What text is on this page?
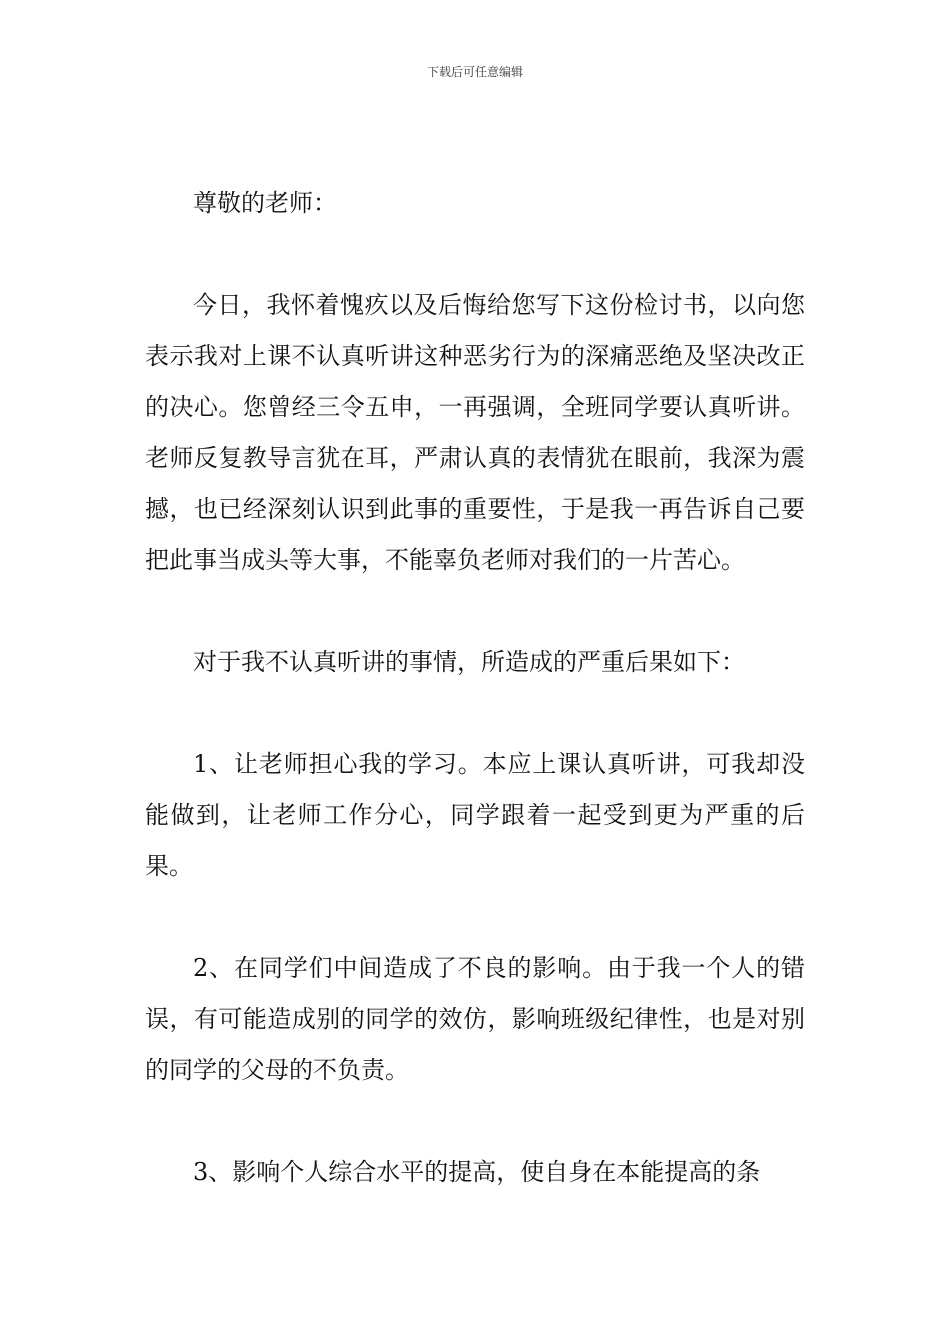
下载后可任意编辑

尊敬的老师：

今日，我怀着愧疚以及后悔给您写下这份检讨书，以向您表示我对上课不认真听讲这种恶劣行为的深痛恶绝及坚决改正的决心。您曾经三令五申，一再强调，全班同学要认真听讲。老师反复教导言犹在耳，严肃认真的表情犹在眼前，我深为震撼，也已经深刻认识到此事的重要性，于是我一再告诉自己要把此事当成头等大事，不能辜负老师对我们的一片苦心。

对于我不认真听讲的事情，所造成的严重后果如下：

1、让老师担心我的学习。本应上课认真听讲，可我却没能做到，让老师工作分心，同学跟着一起受到更为严重的后果。

2、在同学们中间造成了不良的影响。由于我一个人的错误，有可能造成别的同学的效仿，影响班级纪律性，也是对别的同学的父母的不负责。

3、影响个人综合水平的提高，使自身在本能提高的条
